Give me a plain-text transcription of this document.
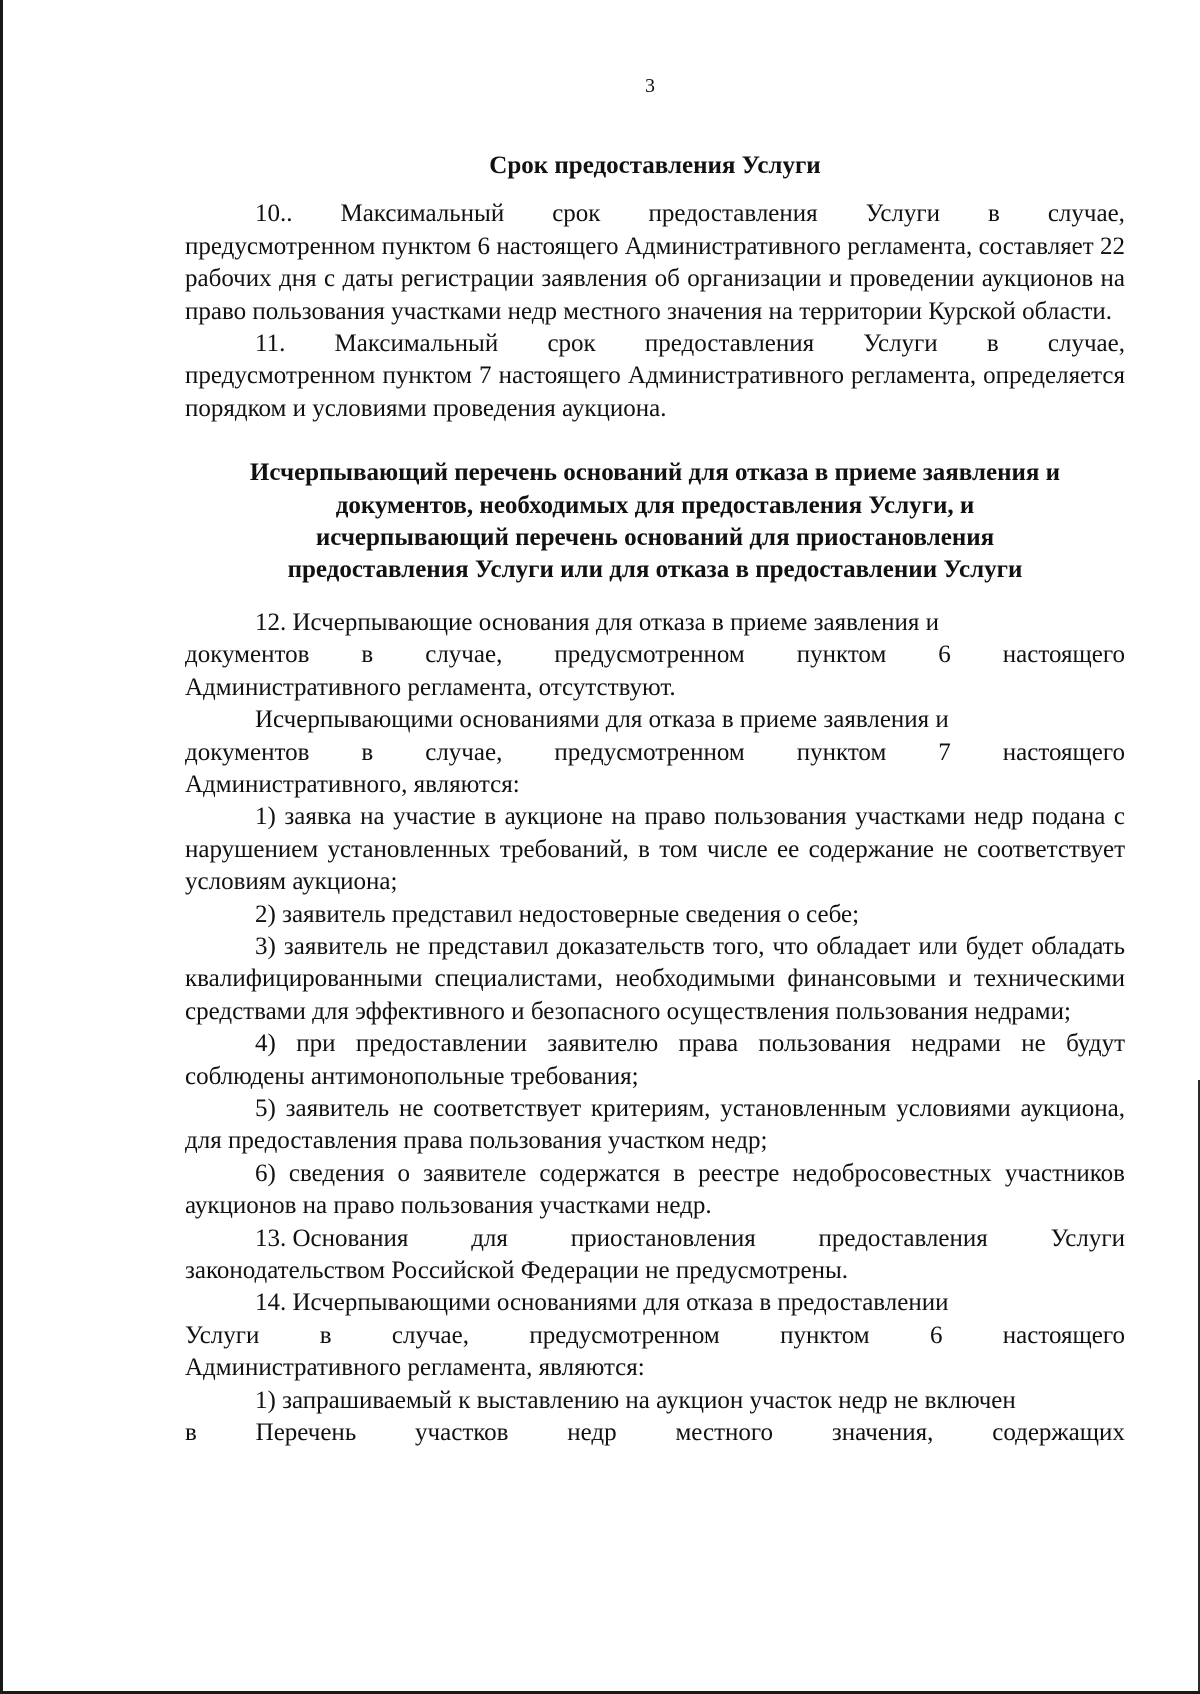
3

Срок предоставления Услуги

10.. Максимальный срок предоставления Услуги в случае,

предусмотренном пунктом 6 настоящего Административного регламента, составляет 22 рабочих дня с даты регистрации заявления об организации и проведении аукционов на право пользования участками недр местного значения на территории Курской области.

11. Максимальный срок предоставления Услуги в случае,

предусмотренном пунктом 7 настоящего Административного регламента, определяется порядком и условиями проведения аукциона.

Исчерпывающий перечень оснований для отказа в приеме заявления и
документов, необходимых для предоставления Услуги, и
исчерпывающий перечень оснований для приостановления
предоставления Услуги или для отказа в предоставлении Услуги

12. Исчерпывающие основания для отказа в приеме заявления и

документов в случае, предусмотренном пунктом 6 настоящего

Административного регламента, отсутствуют.

Исчерпывающими основаниями для отказа в приеме заявления и

документов в случае, предусмотренном пунктом 7 настоящего

Административного, являются:

1) заявка на участие в аукционе на право пользования участками недр подана с нарушением установленных требований, в том числе ее содержание не соответствует условиям аукциона;

2) заявитель представил недостоверные сведения о себе;

3) заявитель не представил доказательств того, что обладает или будет обладать квалифицированными специалистами, необходимыми финансовыми и техническими средствами для эффективного и безопасного осуществления пользования недрами;

4) при предоставлении заявителю права пользования недрами не будут соблюдены антимонопольные требования;

5) заявитель не соответствует критериям, установленным условиями аукциона, для предоставления права пользования участком недр;

6) сведения о заявителе содержатся в реестре недобросовестных участников аукционов на право пользования участками недр.

13. Основания	для	приостановления	предоставления	Услуги

законодательством Российской Федерации не предусмотрены.

14. Исчерпывающими основаниями для отказа в предоставлении

Услуги в случае, предусмотренном пунктом 6 настоящего

Административного регламента, являются:

1) запрашиваемый к выставлению на аукцион участок недр не включен

в Перечень участков недр местного значения, содержащих
